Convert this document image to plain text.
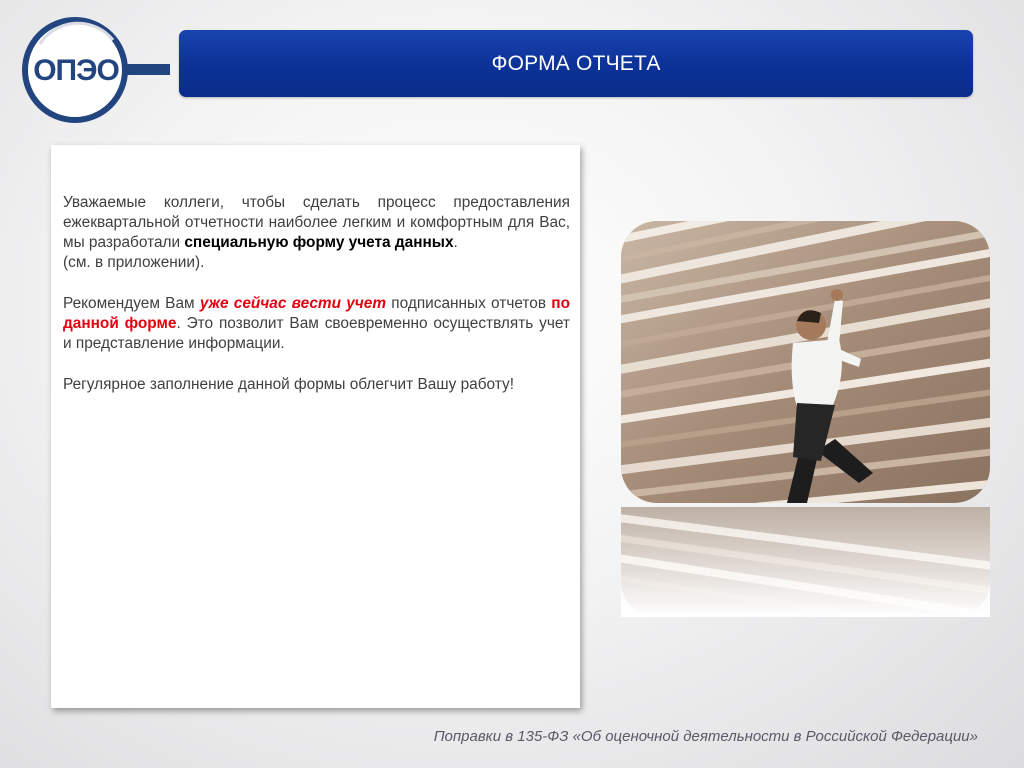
ОПЭО	ФОРМА ОТЧЕТА

Уважаемые коллеги, чтобы сделать процесс предоставления ежеквартальной отчетности наиболее легким и комфортным для Вас, мы разработали специальную форму учета данных.
(см. в приложении).

Рекомендуем Вам уже сейчас вести учет подписанных отчетов по данной форме. Это позволит Вам своевременно осуществлять учет и представление информации.

Регулярное заполнение данной формы облегчит Вашу работу!

Поправки в 135-ФЗ «Об оценочной деятельности в Российской Федерации»
